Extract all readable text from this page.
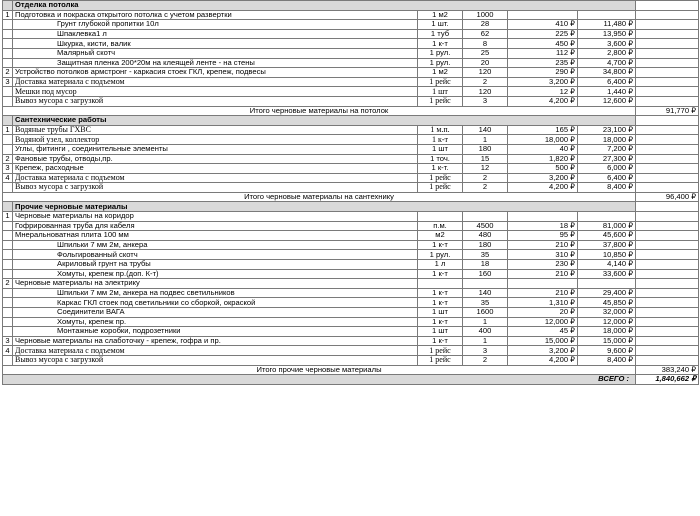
	Отделка потолка					
1	Подготовка и покраска открытого потолка с учетом развертки	1 м2	1000			
	Грунт глубокой пропитки 10л	1 шт.	28	410 ₽	11,480 ₽	
	Шпаклевка1 л	1 туб	62	225 ₽	13,950 ₽	
	Шкурка, кисти, валик	1 к-т	8	450 ₽	3,600 ₽	
	Малярный скотч	1 рул.	25	112 ₽	2,800 ₽	
	Защитная пленка 200*20м на клеящей ленте - на стены	1 рул.	20	235 ₽	4,700 ₽	
2	Устройство потолков армстронг - каркасия стоек ГКЛ, крепеж, подвесы	1 м2	120	290 ₽	34,800 ₽	
3	Доставка материала с подъемом	1 рейс	2	3,200 ₽	6,400 ₽	
	Мешки под мусор	1 шт	120	12 ₽	1,440 ₽	
	Вывоз мусора с загрузкой	1 рейс	3	4,200 ₽	12,600 ₽	
Итого черновые материалы на потолок						91,770 ₽
	Сантехнические работы					
1	Водяные трубы ГХВС	1 м.п.	140	165 ₽	23,100 ₽	
	Водяной узел, коллектор	1 к-т	1	18,000 ₽	18,000 ₽	
	Углы, фитинги , соединительные элементы	1 шт	180	40 ₽	7,200 ₽	
2	Фановые трубы, отводы,пр.	1 точ.	15	1,820 ₽	27,300 ₽	
3	Крепеж, расходные	1 к-т.	12	500 ₽	6,000 ₽	
4	Доставка материала с подъемом	1 рейс	2	3,200 ₽	6,400 ₽	
	Вывоз мусора с загрузкой	1 рейс	2	4,200 ₽	8,400 ₽	
Итого черновые материалы на сантехнику						96,400 ₽
	Прочие черновые материалы					
1	Черновые материалы на коридор					
	Гофрированная труба для кабеля	п.м.	4500	18 ₽	81,000 ₽	
	Мнеральноватная плита 100 мм	м2	480	95 ₽	45,600 ₽	
	Шпильки 7 мм 2м, анкера	1 к-т	180	210 ₽	37,800 ₽	
	Фольгированный скотч	1 рул.	35	310 ₽	10,850 ₽	
	Акриловый грунт на трубы	1 л	18	230 ₽	4,140 ₽	
	Хомуты, крепеж пр.(доп. К-т)	1 к-т	160	210 ₽	33,600 ₽	
2	Черновые материалы на электрику					
	Шпильки 7 мм 2м, анкера на подвес светильников	1 к-т	140	210 ₽	29,400 ₽	
	Каркас ГКЛ стоек под светильники со сборкой, окраской	1 к-т	35	1,310 ₽	45,850 ₽	
	Соединители ВАГА	1 шт	1600	20 ₽	32,000 ₽	
	Хомуты, крепеж пр.	1 к-т	1	12,000 ₽	12,000 ₽	
	Монтажные коробки, подрозетники	1 шт	400	45 ₽	18,000 ₽	
3	Черновые материалы на слаботочку - крепеж, гофра и пр.	1 к-т	1	15,000 ₽	15,000 ₽	
4	Доставка материала с подъемом	1 рейс	3	3,200 ₽	9,600 ₽	
	Вывоз мусора с загрузкой	1 рейс	2	4,200 ₽	8,400 ₽	
Итого прочие черновые материалы						383,240 ₽
ВСЕГО :						1,840,662 ₽
